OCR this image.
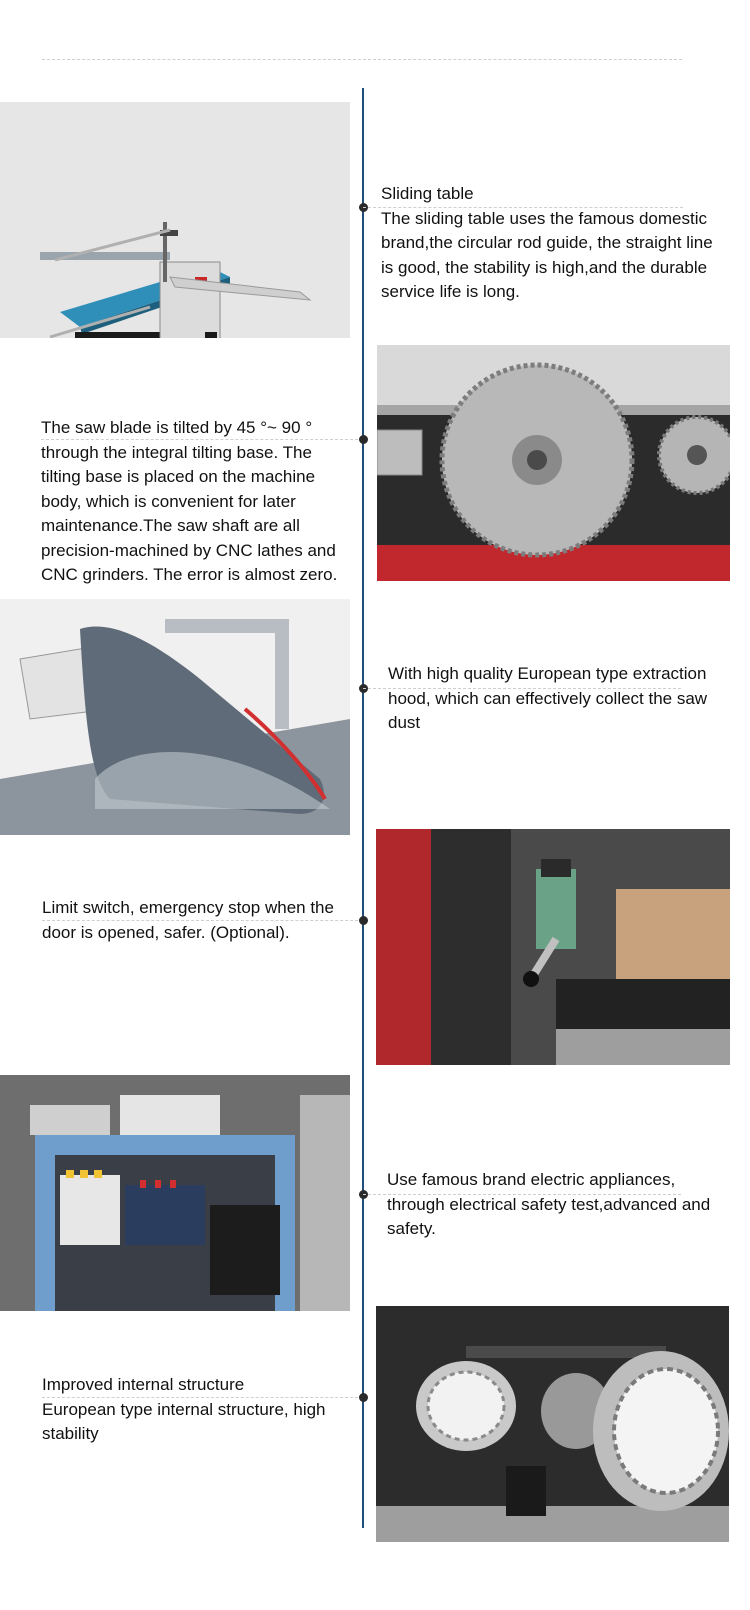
Sliding table
The sliding table uses the famous domestic brand,the circular rod guide, the straight line is good, the stability is high,and the durable service life is long.
The saw blade is tilted by 45 °~ 90 ° through the integral tilting base. The tilting base is placed on the machine body, which is convenient for later maintenance.The saw shaft are all precision-machined by CNC lathes and CNC grinders. The error is almost zero.
With high quality European type extraction hood, which can effectively collect the saw dust
Limit switch, emergency stop when the door is opened, safer. (Optional).
Use famous brand electric appliances, through electrical safety test,advanced and safety.
Improved internal structure
European type internal structure, high stability
